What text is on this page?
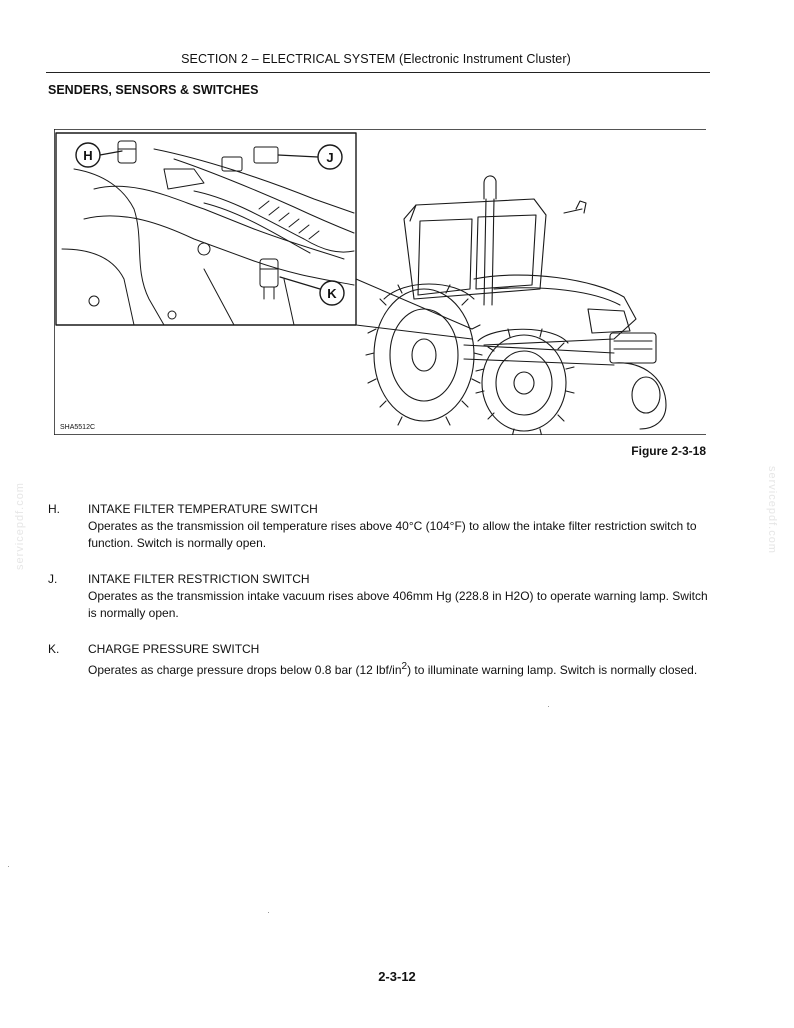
SECTION 2 – ELECTRICAL SYSTEM (Electronic Instrument Cluster)
SENDERS, SENSORS & SWITCHES
H	J
K
SHA5512C
Figure 2-3-18
servicepdf.com	servicepdf.com
H. INTAKE FILTER TEMPERATURE SWITCH
Operates as the transmission oil temperature rises above 40°C (104°F) to allow the intake filter restriction switch to function. Switch is normally open.
J.	INTAKE FILTER RESTRICTION SWITCH
Operates as the transmission intake vacuum rises above 406mm Hg (228.8 in H2O) to operate warning lamp. Switch is normally open.
K. CHARGE PRESSURE SWITCH
Operates as charge pressure drops below 0.8 bar (12 lbf/$in^2$) to illuminate warning lamp. Switch is normally closed.
2-3-12
